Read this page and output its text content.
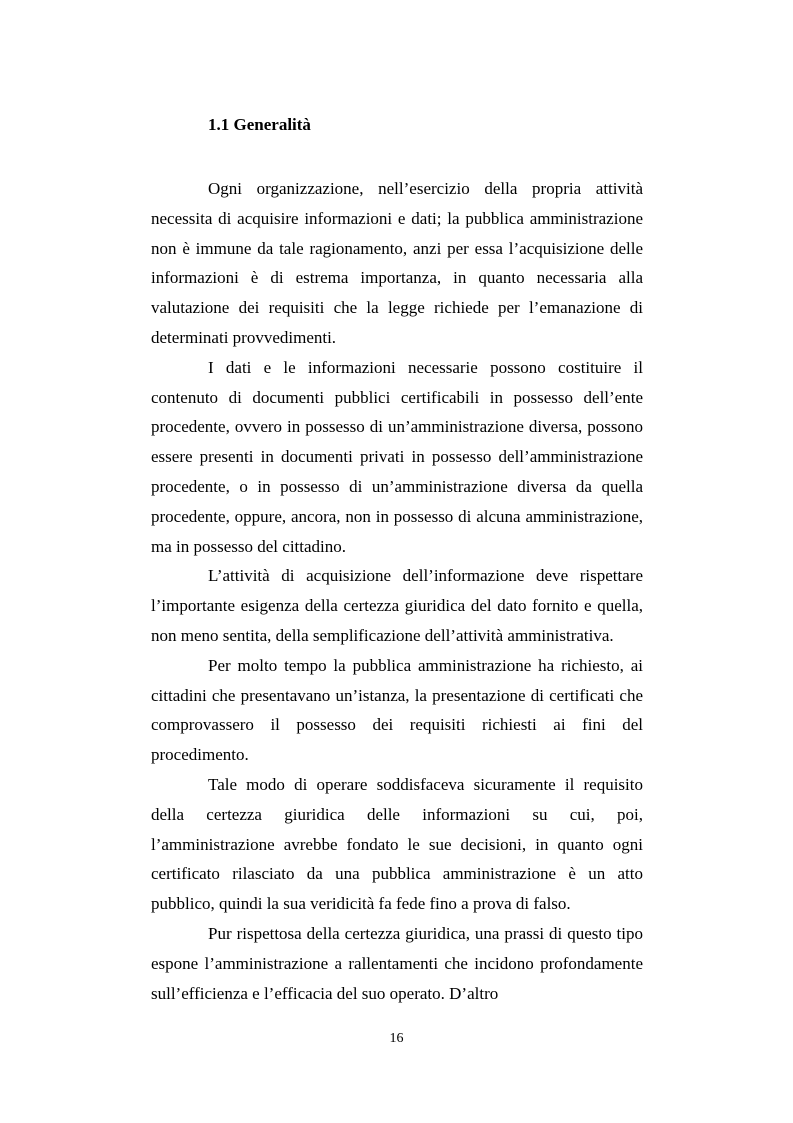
1.1 Generalità

Ogni organizzazione, nell’esercizio della propria attività necessita di acquisire informazioni e dati; la pubblica amministrazione non è immune da tale ragionamento, anzi per essa l’acquisizione delle informazioni è di estrema importanza, in quanto necessaria alla valutazione dei requisiti che la legge richiede per l’emanazione di determinati provvedimenti.

I dati e le informazioni necessarie possono costituire il contenuto di documenti pubblici certificabili in possesso dell’ente procedente, ovvero in possesso di un’amministrazione diversa, possono essere presenti in documenti privati in possesso dell’amministrazione procedente, o in possesso di un’amministrazione diversa da quella procedente, oppure, ancora, non in possesso di alcuna amministrazione, ma in possesso del cittadino.

L’attività di acquisizione dell’informazione deve rispettare l’importante esigenza della certezza giuridica del dato fornito e quella, non meno sentita, della semplificazione dell’attività amministrativa.

Per molto tempo la pubblica amministrazione ha richiesto, ai cittadini che presentavano un’istanza, la presentazione di certificati che comprovassero il possesso dei requisiti richiesti ai fini del procedimento.

Tale modo di operare soddisfaceva sicuramente il requisito della certezza giuridica delle informazioni su cui, poi, l’amministrazione avrebbe fondato le sue decisioni, in quanto ogni certificato rilasciato da una pubblica amministrazione è un atto pubblico, quindi la sua veridicità fa fede fino a prova di falso.

Pur rispettosa della certezza giuridica, una prassi di questo tipo espone l’amministrazione a rallentamenti che incidono profondamente sull’efficienza e l’efficacia del suo operato. D’altro

16
